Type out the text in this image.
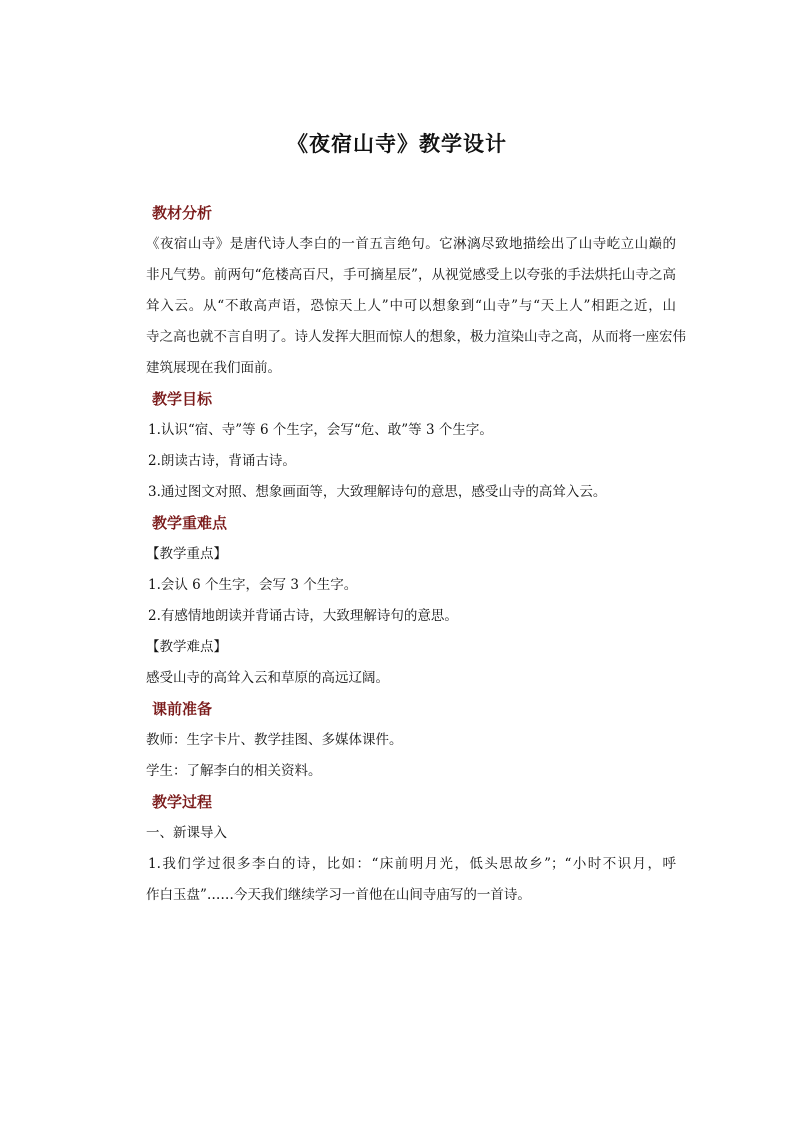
《夜宿山寺》教学设计
教材分析
《夜宿山寺》是唐代诗人李白的一首五言绝句。它淋漓尽致地描绘出了山寺屹立山巅的
非凡气势。前两句“危楼高百尺，手可摘星辰”，从视觉感受上以夸张的手法烘托山寺之高
耸入云。从“不敢高声语，恐惊天上人”中可以想象到“山寺”与“天上人”相距之近，山
寺之高也就不言自明了。诗人发挥大胆而惊人的想象，极力渲染山寺之高，从而将一座宏伟
建筑展现在我们面前。
教学目标
1.认识“宿、寺”等 6 个生字，会写“危、敢”等 3 个生字。
2.朗读古诗，背诵古诗。
3.通过图文对照、想象画面等，大致理解诗句的意思，感受山寺的高耸入云。
教学重难点
【教学重点】
1.会认 6 个生字，会写 3 个生字。
2.有感情地朗读并背诵古诗，大致理解诗句的意思。
【教学难点】
感受山寺的高耸入云和草原的高远辽阔。
课前准备
教师：生字卡片、教学挂图、多媒体课件。
学生：了解李白的相关资料。
教学过程
一、新课导入
1.我们学过很多李白的诗，比如：“床前明月光，低头思故乡”；“小时不识月，呼
作白玉盘”……今天我们继续学习一首他在山间寺庙写的一首诗。
